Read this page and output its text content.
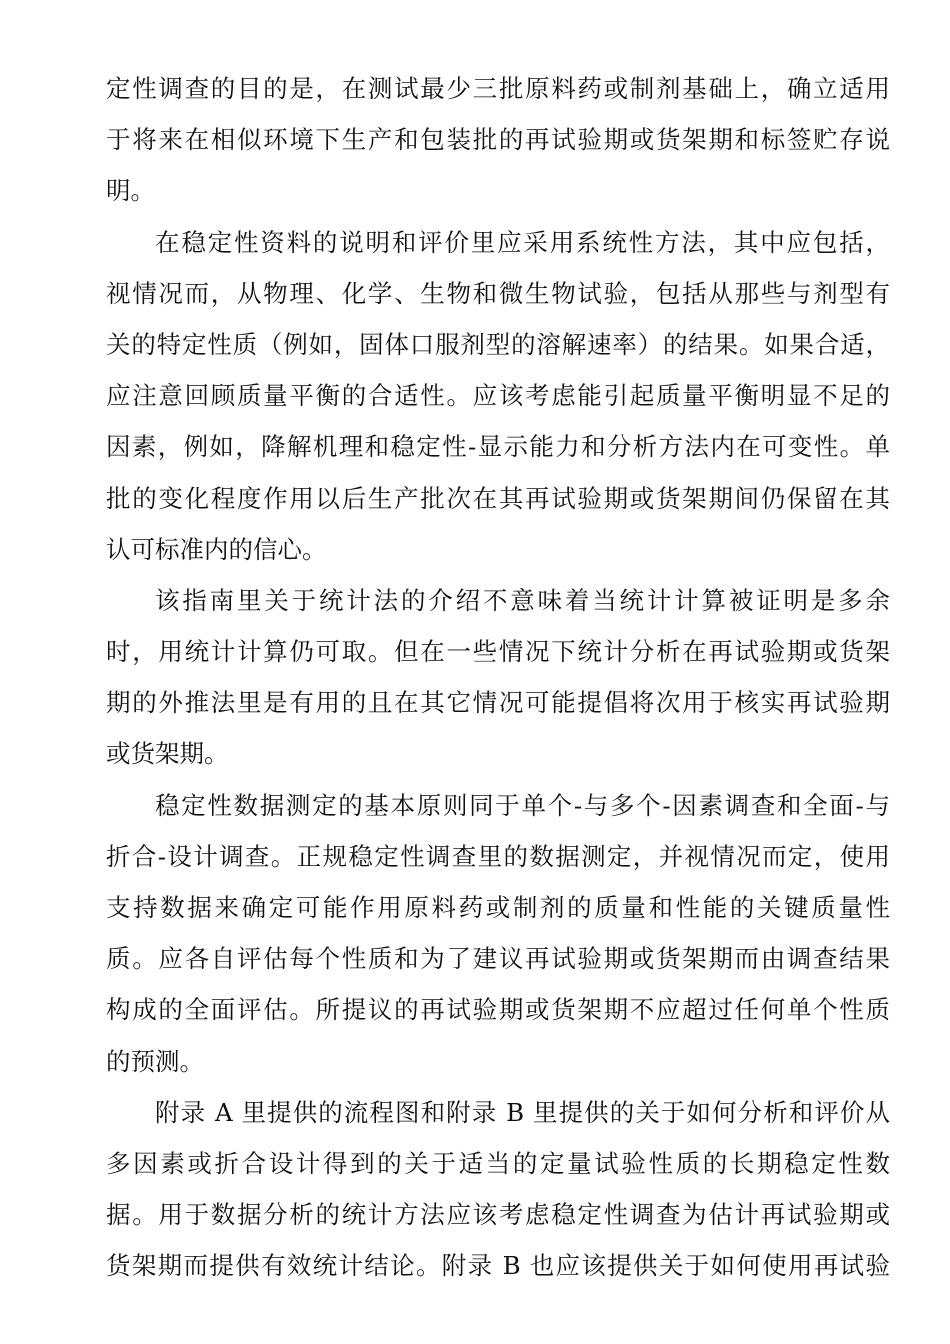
定性调查的目的是，在测试最少三批原料药或制剂基础上，确立适用
于将来在相似环境下生产和包装批的再试验期或货架期和标签贮存说
明。
在稳定性资料的说明和评价里应采用系统性方法，其中应包括，
视情况而，从物理、化学、生物和微生物试验，包括从那些与剂型有
关的特定性质（例如，固体口服剂型的溶解速率）的结果。如果合适，
应注意回顾质量平衡的合适性。应该考虑能引起质量平衡明显不足的
因素，例如，降解机理和稳定性-显示能力和分析方法内在可变性。单
批的变化程度作用以后生产批次在其再试验期或货架期间仍保留在其
认可标准内的信心。
该指南里关于统计法的介绍不意味着当统计计算被证明是多余
时，用统计计算仍可取。但在一些情况下统计分析在再试验期或货架
期的外推法里是有用的且在其它情况可能提倡将次用于核实再试验期
或货架期。
稳定性数据测定的基本原则同于单个-与多个-因素调查和全面-与
折合-设计调查。正规稳定性调查里的数据测定，并视情况而定，使用
支持数据来确定可能作用原料药或制剂的质量和性能的关键质量性
质。应各自评估每个性质和为了建议再试验期或货架期而由调查结果
构成的全面评估。所提议的再试验期或货架期不应超过任何单个性质
的预测。
附录 A 里提供的流程图和附录 B 里提供的关于如何分析和评价从
多因素或折合设计得到的关于适当的定量试验性质的长期稳定性数
据。用于数据分析的统计方法应该考虑稳定性调查为估计再试验期或
货架期而提供有效统计结论。附录 B 也应该提供关于如何使用再试验
